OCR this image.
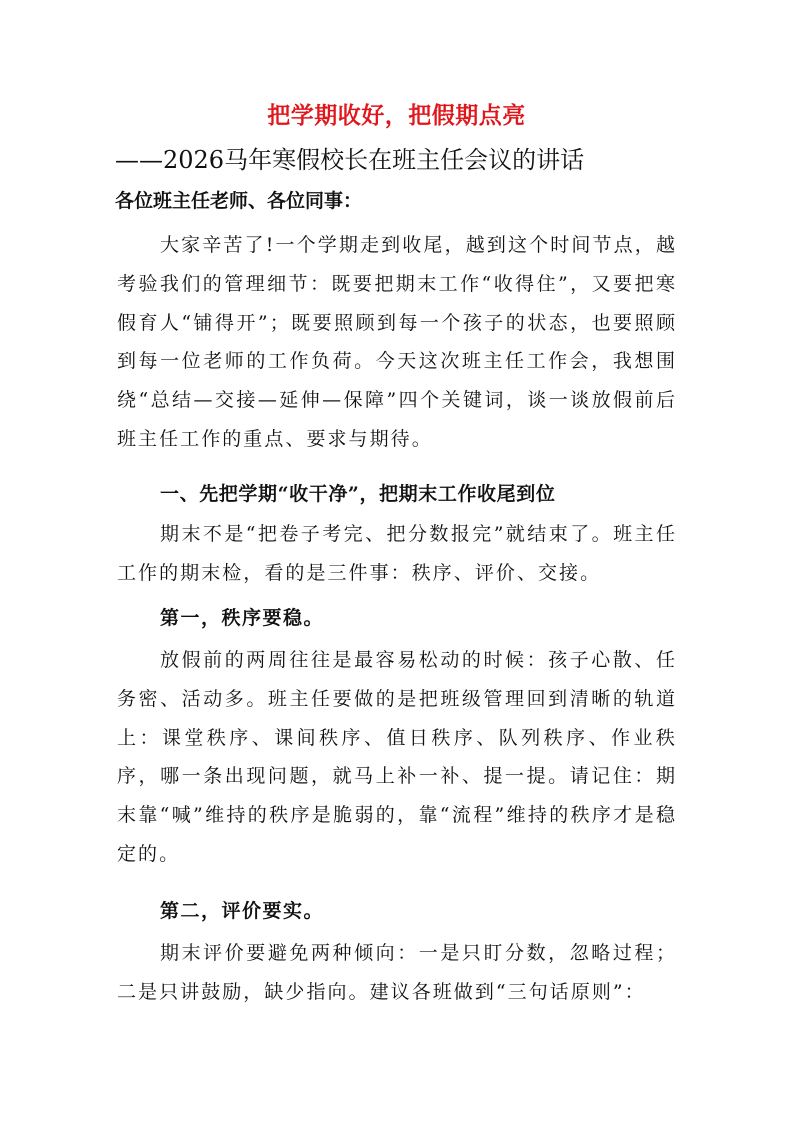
把学期收好，把假期点亮
——2026马年寒假校长在班主任会议的讲话
各位班主任老师、各位同事：

大家辛苦了!一个学期走到收尾，越到这个时间节点，越考验我们的管理细节：既要把期末工作“收得住”，又要把寒假育人“铺得开”；既要照顾到每一个孩子的状态，也要照顾到每一位老师的工作负荷。今天这次班主任工作会，我想围绕“总结—交接—延伸—保障”四个关键词，谈一谈放假前后班主任工作的重点、要求与期待。

一、先把学期“收干净”，把期末工作收尾到位

期末不是“把卷子考完、把分数报完”就结束了。班主任工作的期末检，看的是三件事：秩序、评价、交接。

第一，秩序要稳。

放假前的两周往往是最容易松动的时候：孩子心散、任务密、活动多。班主任要做的是把班级管理回到清晰的轨道上：课堂秩序、课间秩序、值日秩序、队列秩序、作业秩序，哪一条出现问题，就马上补一补、提一提。请记住：期末靠“喊”维持的秩序是脆弱的，靠“流程”维持的秩序才是稳定的。

第二，评价要实。

期末评价要避免两种倾向：一是只盯分数，忽略过程；二是只讲鼓励，缺少指向。建议各班做到“三句话原则”：
